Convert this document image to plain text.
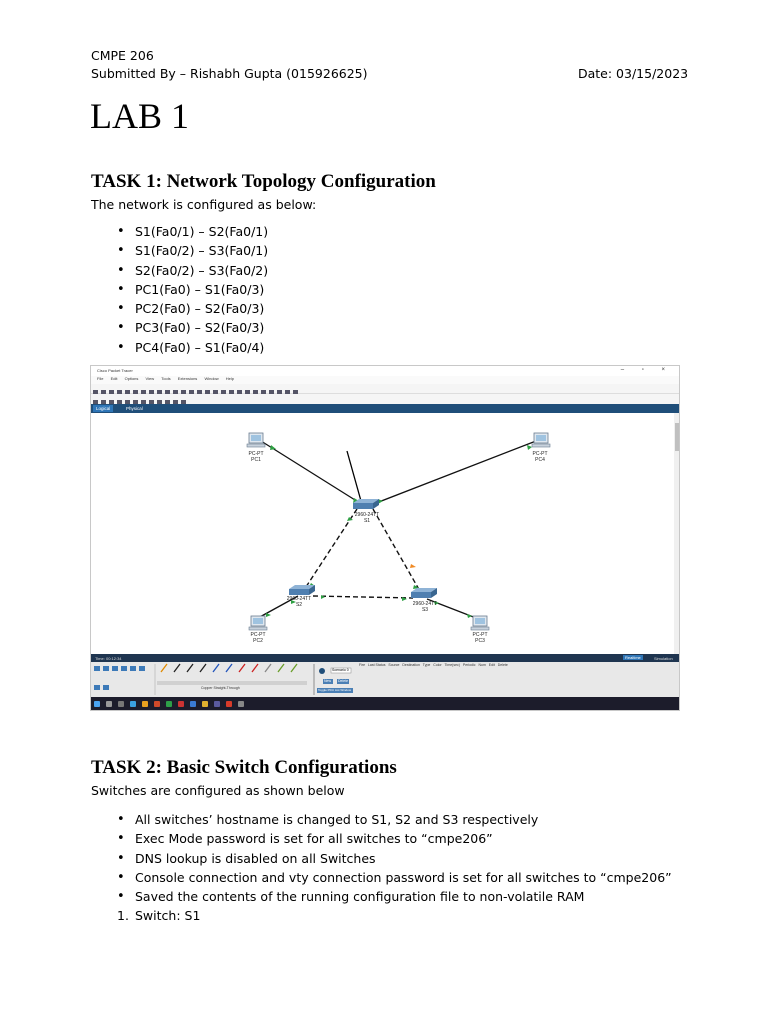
CMPE 206
Submitted By – Rishabh Gupta (015926625)	Date: 03/15/2023
LAB 1
TASK 1: Network Topology Configuration
The network is configured as below:
• S1(Fa0/1) – S2(Fa0/1)
• S1(Fa0/2) – S3(Fa0/1)
• S2(Fa0/2) – S3(Fa0/2)
• PC1(Fa0) – S1(Fa0/3)
• PC2(Fa0) – S2(Fa0/3)
• PC3(Fa0) – S2(Fa0/3)
• PC4(Fa0) – S1(Fa0/4)
Cisco Packet Tracer	– ▫ ×
File Edit Options View Tools Extensions Window Help
Logical	Physical
PC-PT
PC1
PC-PT
PC4
2960-24TT
S1
2960-24TT
S2	2960-24TT
S3
PC-PT
PC2
PC-PT
PC3
Time: 00:12:34	Realtime	Simulation
Scenario 0
New Delete
Toggle PDU List Window
Copper Straight-Through
Fire Last Status Source Destination Type Color Time(sec) Periodic Num Edit Delete
TASK 2: Basic Switch Configurations
Switches are configured as shown below
• All switches’ hostname is changed to S1, S2 and S3 respectively
• Exec Mode password is set for all switches to “cmpe206”
• DNS lookup is disabled on all Switches
• Console connection and vty connection password is set for all switches to “cmpe206”
• Saved the contents of the running configuration file to non-volatile RAM
1. Switch: S1
